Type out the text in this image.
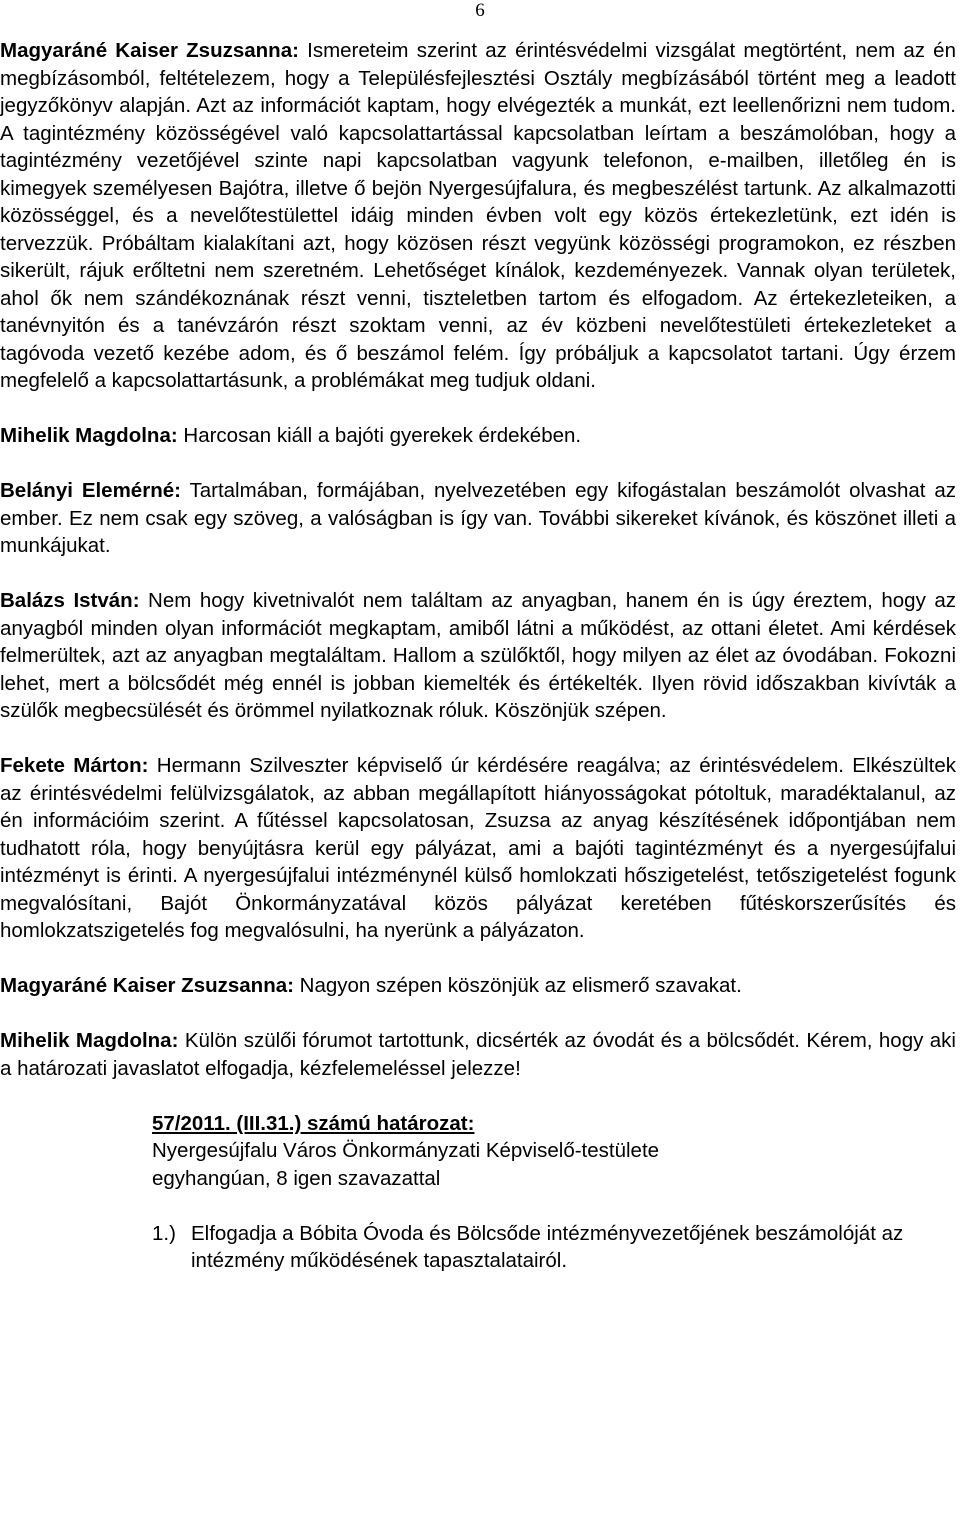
6

Magyaráné Kaiser Zsuzsanna: Ismereteim szerint az érintésvédelmi vizsgálat megtörtént, nem az én megbízásomból, feltételezem, hogy a Településfejlesztési Osztály megbízásából történt meg a leadott jegyzőkönyv alapján. Azt az információt kaptam, hogy elvégezték a munkát, ezt leellenőrizni nem tudom. A tagintézmény közösségével való kapcsolattartással kapcsolatban leírtam a beszámolóban, hogy a tagintézmény vezetőjével szinte napi kapcsolatban vagyunk telefonon, e-mailben, illetőleg én is kimegyek személyesen Bajótra, illetve ő bejön Nyergesújfalura, és megbeszélést tartunk. Az alkalmazotti közösséggel, és a nevelőtestülettel idáig minden évben volt egy közös értekezletünk, ezt idén is tervezzük. Próbáltam kialakítani azt, hogy közösen részt vegyünk közösségi programokon, ez részben sikerült, rájuk erőltetni nem szeretném. Lehetőséget kínálok, kezdeményezek. Vannak olyan területek, ahol ők nem szándékoznának részt venni, tiszteletben tartom és elfogadom. Az értekezleteiken, a tanévnyitón és a tanévzárón részt szoktam venni, az év közbeni nevelőtestületi értekezleteket a tagóvoda vezető kezébe adom, és ő beszámol felém. Így próbáljuk a kapcsolatot tartani. Úgy érzem megfelelő a kapcsolattartásunk, a problémákat meg tudjuk oldani.

Mihelik Magdolna: Harcosan kiáll a bajóti gyerekek érdekében.

Belányi Elemérné: Tartalmában, formájában, nyelvezetében egy kifogástalan beszámolót olvashat az ember. Ez nem csak egy szöveg, a valóságban is így van. További sikereket kívánok, és köszönet illeti a munkájukat.

Balázs István: Nem hogy kivetnivalót nem találtam az anyagban, hanem én is úgy éreztem, hogy az anyagból minden olyan információt megkaptam, amiből látni a működést, az ottani életet. Ami kérdések felmerültek, azt az anyagban megtaláltam. Hallom a szülőktől, hogy milyen az élet az óvodában. Fokozni lehet, mert a bölcsődét még ennél is jobban kiemelték és értékelték. Ilyen rövid időszakban kivívták a szülők megbecsülését és örömmel nyilatkoznak róluk. Köszönjük szépen.

Fekete Márton: Hermann Szilveszter képviselő úr kérdésére reagálva; az érintésvédelem. Elkészültek az érintésvédelmi felülvizsgálatok, az abban megállapított hiányosságokat pótoltuk, maradéktalanul, az én információim szerint. A fűtéssel kapcsolatosan, Zsuzsa az anyag készítésének időpontjában nem tudhatott róla, hogy benyújtásra kerül egy pályázat, ami a bajóti tagintézményt és a nyergesújfalui intézményt is érinti. A nyergesújfalui intézménynél külső homlokzati hőszigetelést, tetőszigetelést fogunk megvalósítani, Bajót Önkormányzatával közös pályázat keretében fűtéskorszerűsítés és homlokzatszigetelés fog megvalósulni, ha nyerünk a pályázaton.

Magyaráné Kaiser Zsuzsanna: Nagyon szépen köszönjük az elismerő szavakat.

Mihelik Magdolna: Külön szülői fórumot tartottunk, dicsérték az óvodát és a bölcsődét. Kérem, hogy aki a határozati javaslatot elfogadja, kézfelemeléssel jelezze!

57/2011. (III.31.) számú határozat:
Nyergesújfalu Város Önkormányzati Képviselő-testülete
egyhangúan, 8 igen szavazattal
1.) Elfogadja a Bóbita Óvoda és Bölcsőde intézményvezetőjének beszámolóját az intézmény működésének tapasztalatairól.
